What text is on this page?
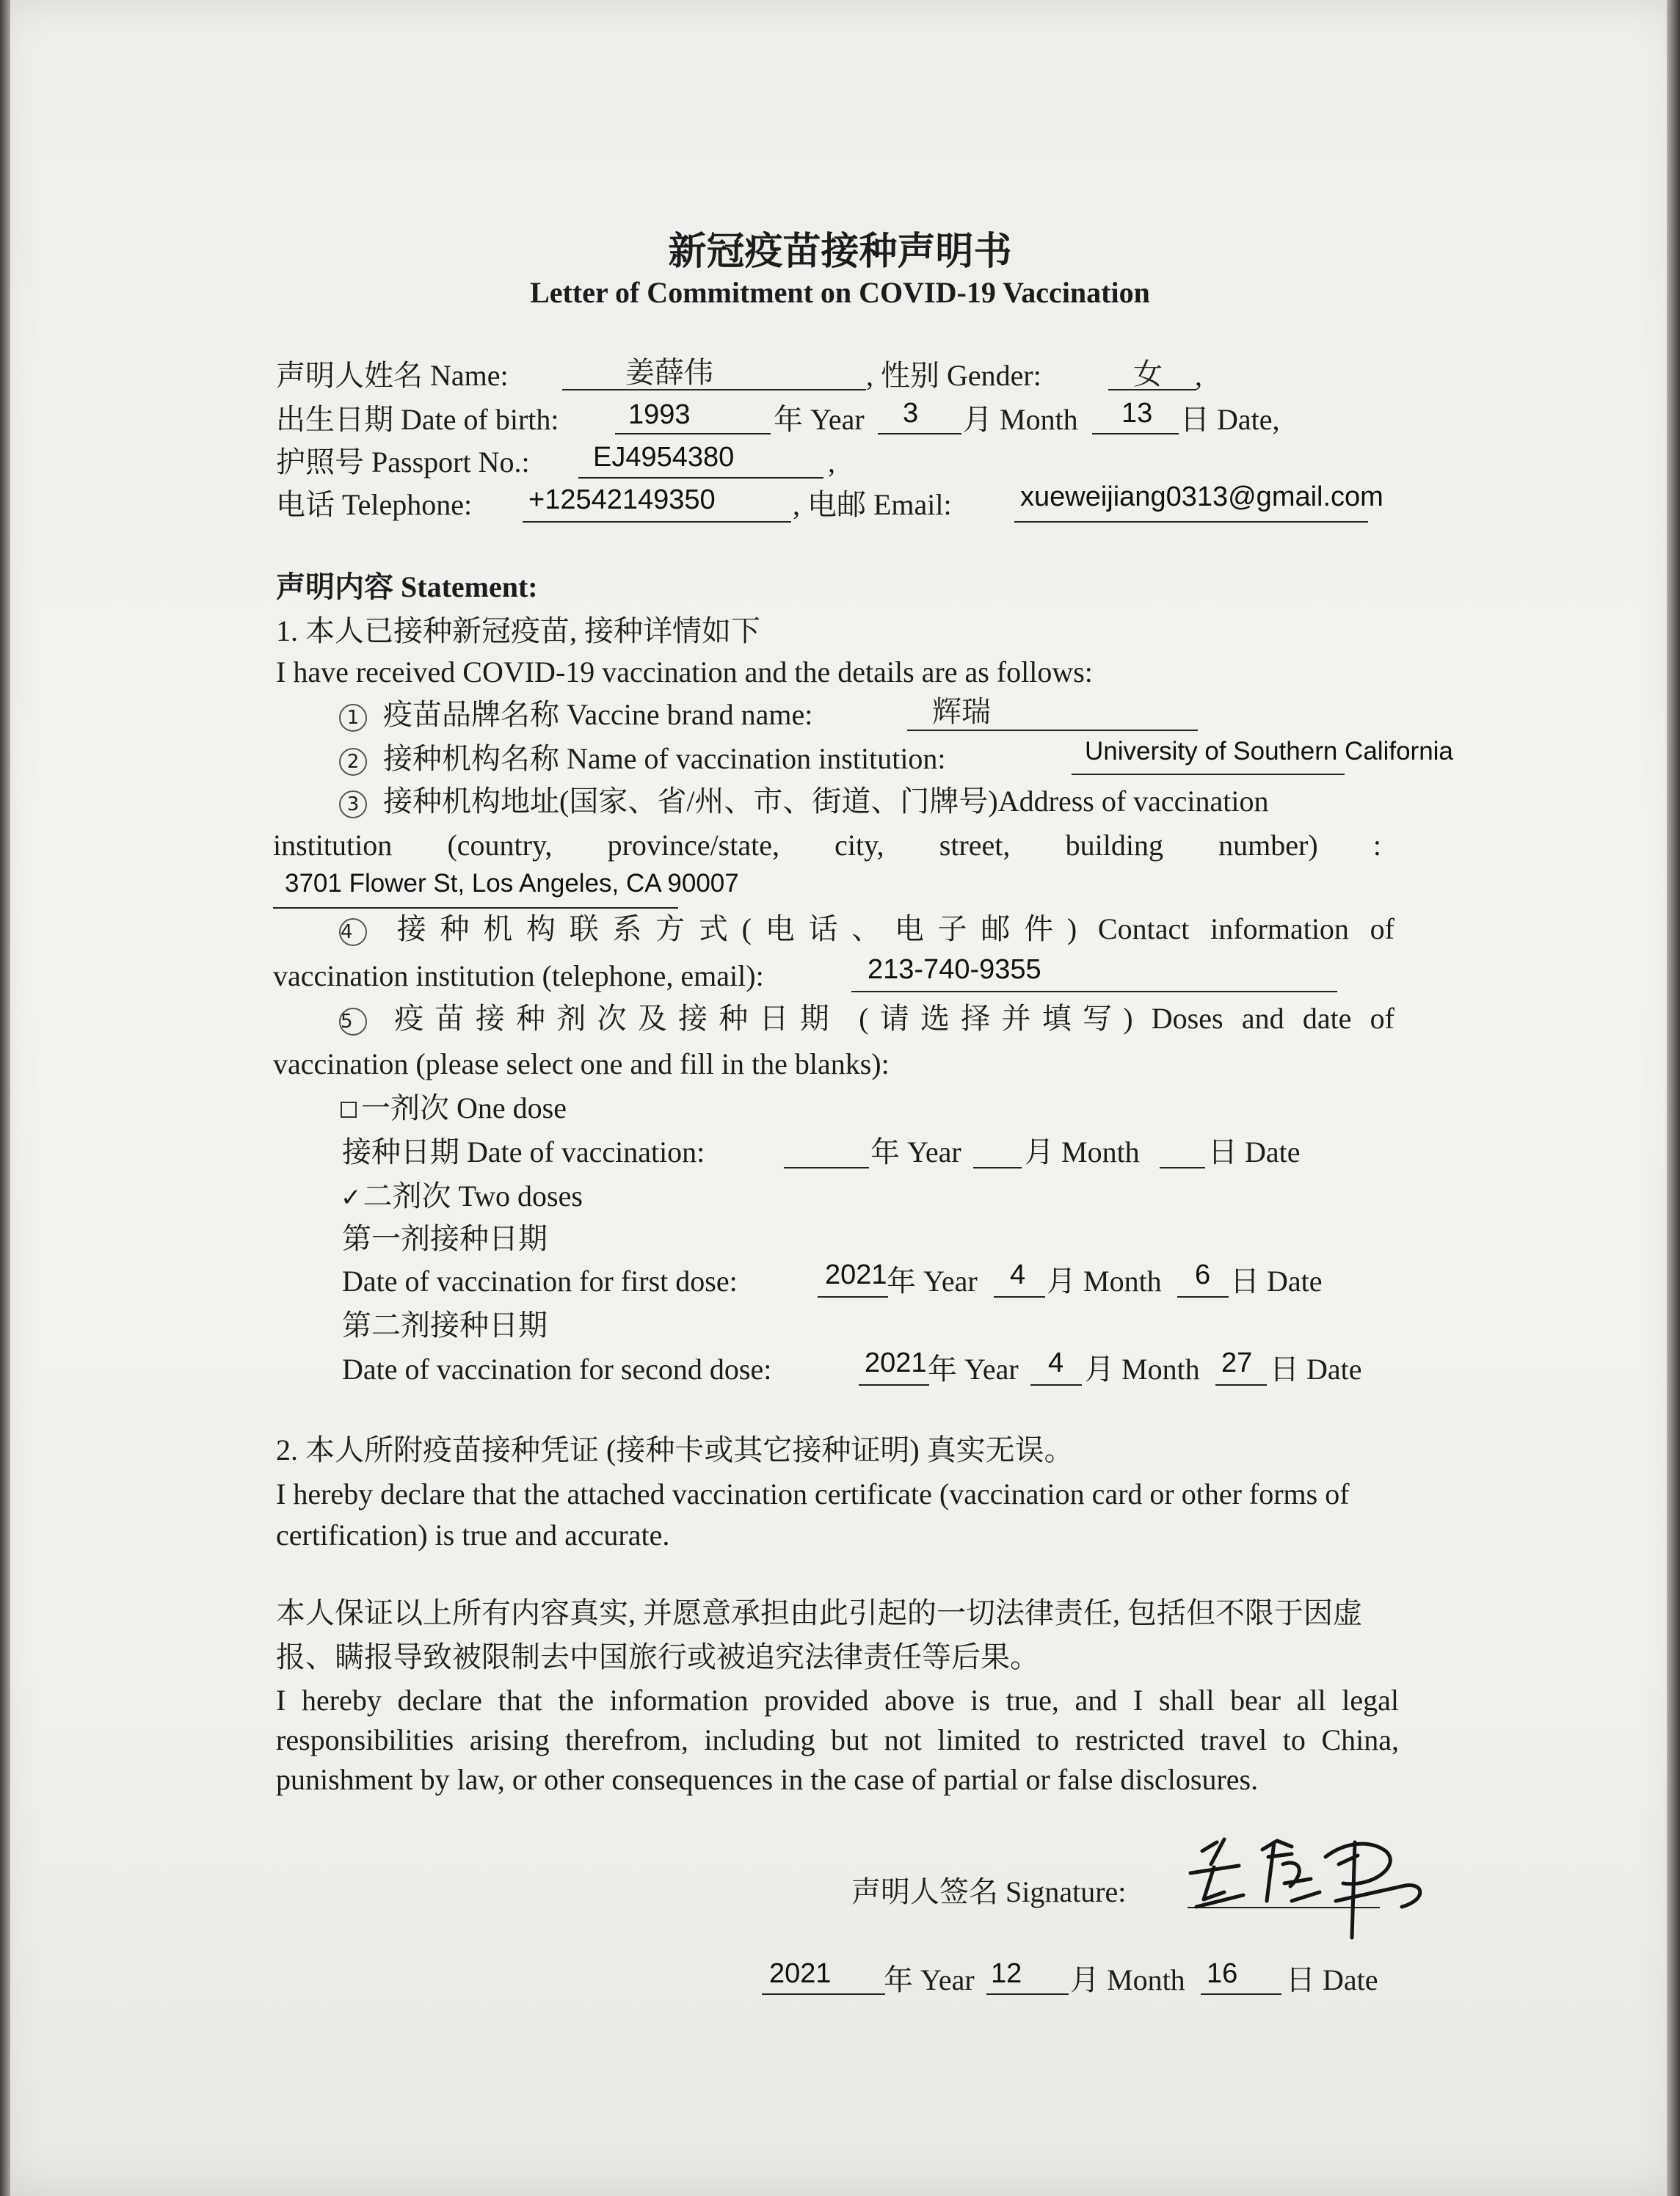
新冠疫苗接种声明书
Letter of Commitment on COVID-19 Vaccination
声明人姓名 Name:	姜薛伟	, 性别 Gender:	女 ,
出生日期 Date of birth: 1993	年 Year 3 月 Month 13 日 Date,
护照号 Passport No.: EJ4954380	,
电话 Telephone: +12542149350	, 电邮 Email: xueweijiang0313@gmail.com
声明内容 Statement:
1. 本人已接种新冠疫苗, 接种详情如下
I have received COVID-19 vaccination and the details are as follows:
1 疫苗品牌名称 Vaccine brand name:	辉瑞
2 接种机构名称 Name of vaccination institution:	University of Southern California
3 接种机构地址(国家、省/州、市、街道、门牌号)Address of vaccination
institution (country, province/state, city, street, building number) :
3701 Flower St, Los Angeles, CA 90007
4 接种机构联系方式(电话、电子邮件) Contact information of
vaccination institution (telephone, email):	213-740-9355
5 疫苗接种剂次及接种日期 (请选择并填写) Doses and date of
vaccination (please select one and fill in the blanks):
一剂次 One dose
接种日期 Date of vaccination:	年 Year 月 Month 日 Date
✓二剂次 Two doses
第一剂接种日期
Date of vaccination for first dose:	2021 年 Year 4 月 Month 6 日 Date
第二剂接种日期
Date of vaccination for second dose:	2021 年 Year 4 月 Month 27 日 Date
2. 本人所附疫苗接种凭证 (接种卡或其它接种证明) 真实无误。
I hereby declare that the attached vaccination certificate (vaccination card or other forms of certification) is true and accurate.
本人保证以上所有内容真实, 并愿意承担由此引起的一切法律责任, 包括但不限于因虚报、瞒报导致被限制去中国旅行或被追究法律责任等后果。
I hereby declare that the information provided above is true, and I shall bear all legal responsibilities arising therefrom, including but not limited to restricted travel to China, punishment by law, or other consequences in the case of partial or false disclosures.
声明人签名 Signature:
2021 年 Year 12 月 Month 16 日 Date
